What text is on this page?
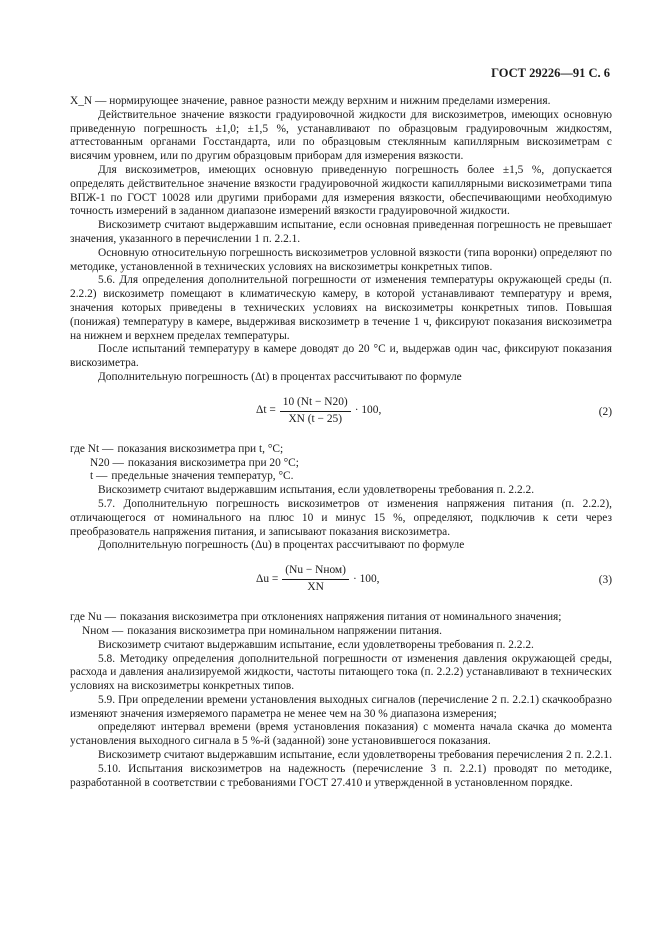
ГОСТ 29226—91 С. 6

X_N — нормирующее значение, равное разности между верхним и нижним пределами измерения.

Действительное значение вязкости градуировочной жидкости для вискозиметров, имеющих основную приведенную погрешность ±1,0; ±1,5 %, устанавливают по образцовым градуировочным жидкостям, аттестованным органами Госстандарта, или по образцовым стеклянным капиллярным вискозиметрам с висячим уровнем, или по другим образцовым приборам для измерения вязкости.

Для вискозиметров, имеющих основную приведенную погрешность более ±1,5 %, допускается определять действительное значение вязкости градуировочной жидкости капиллярными вискозиметрами типа ВПЖ-1 по ГОСТ 10028 или другими приборами для измерения вязкости, обеспечивающими необходимую точность измерений в заданном диапазоне измерений вязкости градуировочной жидкости.

Вискозиметр считают выдержавшим испытание, если основная приведенная погрешность не превышает значения, указанного в перечислении 1 п. 2.2.1.

Основную относительную погрешность вискозиметров условной вязкости (типа воронки) определяют по методике, установленной в технических условиях на вискозиметры конкретных типов.

5.6. Для определения дополнительной погрешности от изменения температуры окружающей среды (п. 2.2.2) вискозиметр помещают в климатическую камеру, в которой устанавливают температуру и время, значения которых приведены в технических условиях на вискозиметры конкретных типов. Повышая (понижая) температуру в камере, выдерживая вискозиметр в течение 1 ч, фиксируют показания вискозиметра на нижнем и верхнем пределах температуры.

После испытаний температуру в камере доводят до 20 °С и, выдержав один час, фиксируют показания вискозиметра.

Дополнительную погрешность (Δt) в процентах рассчитывают по формуле

$\Delta t = \frac{10 (Nt - N20)}{XN (t - 25)} \cdot 100$,	(2)
где Nt — показания вискозиметра при t, °С;
N20 — показания вискозиметра при 20 °С;
t — предельные значения температур, °С.

Вискозиметр считают выдержавшим испытания, если удовлетворены требования п. 2.2.2.

5.7. Дополнительную погрешность вискозиметров от изменения напряжения питания (п. 2.2.2), отличающегося от номинального на плюс 10 и минус 15 %, определяют, подключив к сети через преобразователь напряжения питания, и записывают показания вискозиметра.

Дополнительную погрешность (Δu) в процентах рассчитывают по формуле

$\Delta u = \frac{\text{(Nu − Nном)}}{XN} \cdot 100$,	(3)
где Nu — показания вискозиметра при отклонениях напряжения питания от номинального значения;
Nном — показания вискозиметра при номинальном напряжении питания.

Вискозиметр считают выдержавшим испытание, если удовлетворены требования п. 2.2.2.

5.8. Методику определения дополнительной погрешности от изменения давления окружающей среды, расхода и давления анализируемой жидкости, частоты питающего тока (п. 2.2.2) устанавливают в технических условиях на вискозиметры конкретных типов.

5.9. При определении времени установления выходных сигналов (перечисление 2 п. 2.2.1) скачкообразно изменяют значения измеряемого параметра не менее чем на 30 % диапазона измерения;

определяют интервал времени (время установления показания) с момента начала скачка до момента установления выходного сигнала в 5 %-й (заданной) зоне установившегося показания.

Вискозиметр считают выдержавшим испытание, если удовлетворены требования перечисления 2 п. 2.2.1.

5.10. Испытания вискозиметров на надежность (перечисление 3 п. 2.2.1) проводят по методике, разработанной в соответствии с требованиями ГОСТ 27.410 и утвержденной в установленном порядке.
